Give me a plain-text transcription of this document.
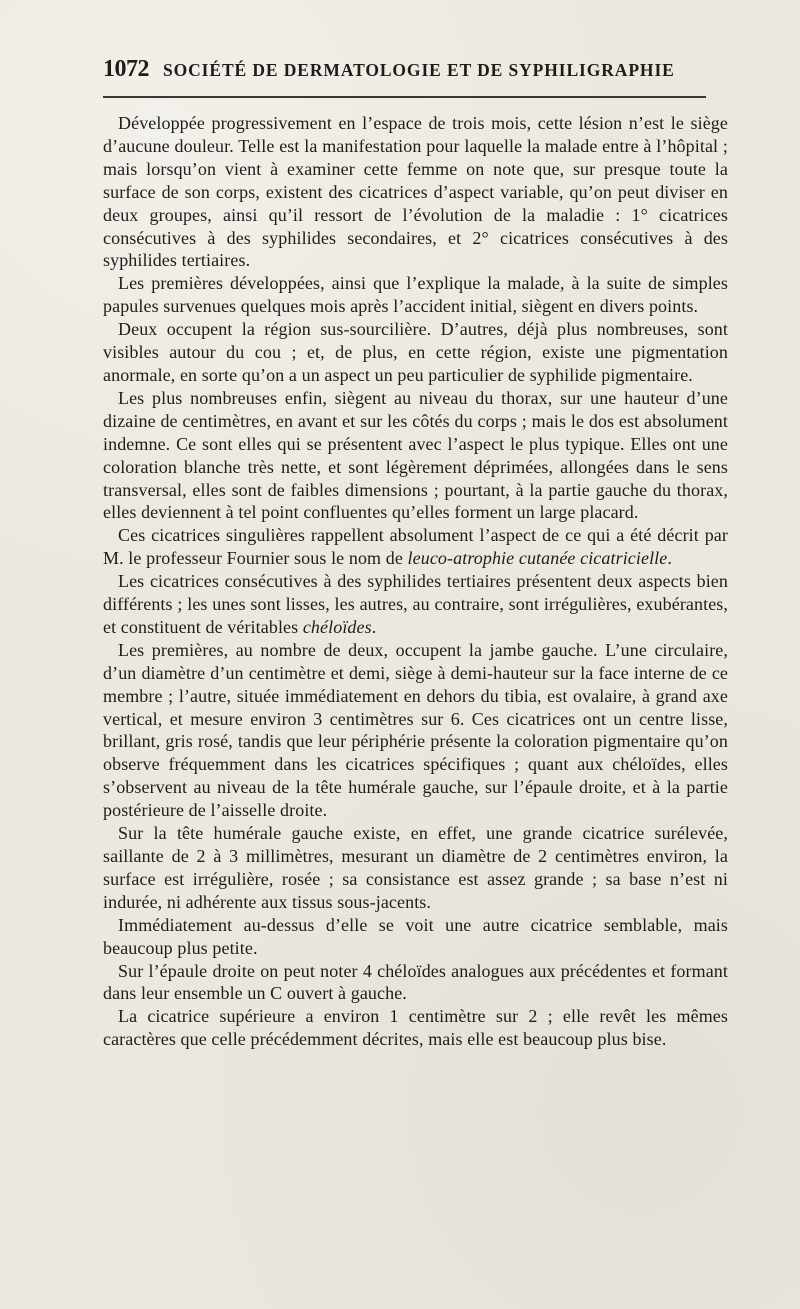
1072 SOCIÉTÉ DE DERMATOLOGIE ET DE SYPHILIGRAPHIE

Développée progressivement en l’espace de trois mois, cette lésion n’est le siège d’aucune douleur. Telle est la manifestation pour laquelle la malade entre à l’hôpital ; mais lorsqu’on vient à examiner cette femme on note que, sur presque toute la surface de son corps, existent des cicatrices d’aspect variable, qu’on peut diviser en deux groupes, ainsi qu’il ressort de l’évolution de la maladie : 1° cicatrices consécutives à des syphilides secondaires, et 2° cicatrices consécutives à des syphilides tertiaires.

Les premières développées, ainsi que l’explique la malade, à la suite de simples papules survenues quelques mois après l’accident initial, siègent en divers points.

Deux occupent la région sus-sourcilière. D’autres, déjà plus nombreuses, sont visibles autour du cou ; et, de plus, en cette région, existe une pigmentation anormale, en sorte qu’on a un aspect un peu particulier de syphilide pigmentaire.

Les plus nombreuses enfin, siègent au niveau du thorax, sur une hauteur d’une dizaine de centimètres, en avant et sur les côtés du corps ; mais le dos est absolument indemne. Ce sont elles qui se présentent avec l’aspect le plus typique. Elles ont une coloration blanche très nette, et sont légèrement déprimées, allongées dans le sens transversal, elles sont de faibles dimensions ; pourtant, à la partie gauche du thorax, elles deviennent à tel point confluentes qu’elles forment un large placard.

Ces cicatrices singulières rappellent absolument l’aspect de ce qui a été décrit par M. le professeur Fournier sous le nom de leuco-atrophie cutanée cicatricielle.

Les cicatrices consécutives à des syphilides tertiaires présentent deux aspects bien différents ; les unes sont lisses, les autres, au contraire, sont irrégulières, exubérantes, et constituent de véritables chéloïdes.

Les premières, au nombre de deux, occupent la jambe gauche. L’une circulaire, d’un diamètre d’un centimètre et demi, siège à demi-hauteur sur la face interne de ce membre ; l’autre, située immédiatement en dehors du tibia, est ovalaire, à grand axe vertical, et mesure environ 3 centimètres sur 6. Ces cicatrices ont un centre lisse, brillant, gris rosé, tandis que leur périphérie présente la coloration pigmentaire qu’on observe fréquemment dans les cicatrices spécifiques ; quant aux chéloïdes, elles s’observent au niveau de la tête humérale gauche, sur l’épaule droite, et à la partie postérieure de l’aisselle droite.

Sur la tête humérale gauche existe, en effet, une grande cicatrice surélevée, saillante de 2 à 3 millimètres, mesurant un diamètre de 2 centimètres environ, la surface est irrégulière, rosée ; sa consistance est assez grande ; sa base n’est ni indurée, ni adhérente aux tissus sous-jacents.

Immédiatement au-dessus d’elle se voit une autre cicatrice semblable, mais beaucoup plus petite.

Sur l’épaule droite on peut noter 4 chéloïdes analogues aux précédentes et formant dans leur ensemble un C ouvert à gauche.

La cicatrice supérieure a environ 1 centimètre sur 2 ; elle revêt les mêmes caractères que celle précédemment décrites, mais elle est beaucoup plus bise.
